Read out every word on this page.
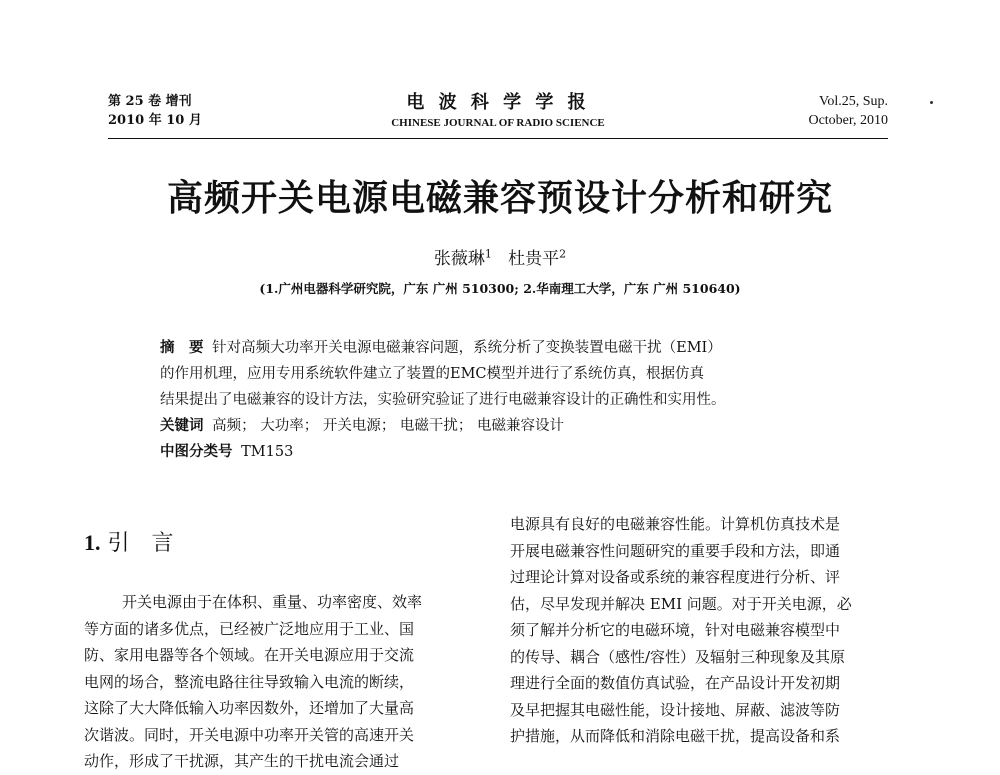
第 25 卷 增刊
2010 年 10 月
电 波 科 学 学 报
CHINESE JOURNAL OF RADIO SCIENCE
Vol.25, Sup.
October, 2010
高频开关电源电磁兼容预设计分析和研究
张薇琳$^1$ 杜贵平$^2$
(1.广州电器科学研究院，广东 广州 510300; 2.华南理工大学，广东 广州 510640)

摘　要 针对高频大功率开关电源电磁兼容问题，系统分析了变换装置电磁干扰（EMI）

的作用机理，应用专用系统软件建立了装置的EMC模型并进行了系统仿真，根据仿真

结果提出了电磁兼容的设计方法，实验研究验证了进行电磁兼容设计的正确性和实用性。

关键词 高频； 大功率； 开关电源； 电磁干扰； 电磁兼容设计

中图分类号 TM153

1. 引　言

开关电源由于在体积、重量、功率密度、效率

等方面的诸多优点，已经被广泛地应用于工业、国

防、家用电器等各个领域。在开关电源应用于交流

电网的场合，整流电路往往导致输入电流的断续，

这除了大大降低输入功率因数外，还增加了大量高

次谐波。同时，开关电源中功率开关管的高速开关

动作，形成了干扰源，其产生的干扰电流会通过

电源具有良好的电磁兼容性能。计算机仿真技术是

开展电磁兼容性问题研究的重要手段和方法，即通

过理论计算对设备或系统的兼容程度进行分析、评

估，尽早发现并解决 EMI 问题。对于开关电源，必

须了解并分析它的电磁环境，针对电磁兼容模型中

的传导、耦合（感性/容性）及辐射三种现象及其原

理进行全面的数值仿真试验，在产品设计开发初期

及早把握其电磁性能，设计接地、屏蔽、滤波等防

护措施，从而降低和消除电磁干扰，提高设备和系
